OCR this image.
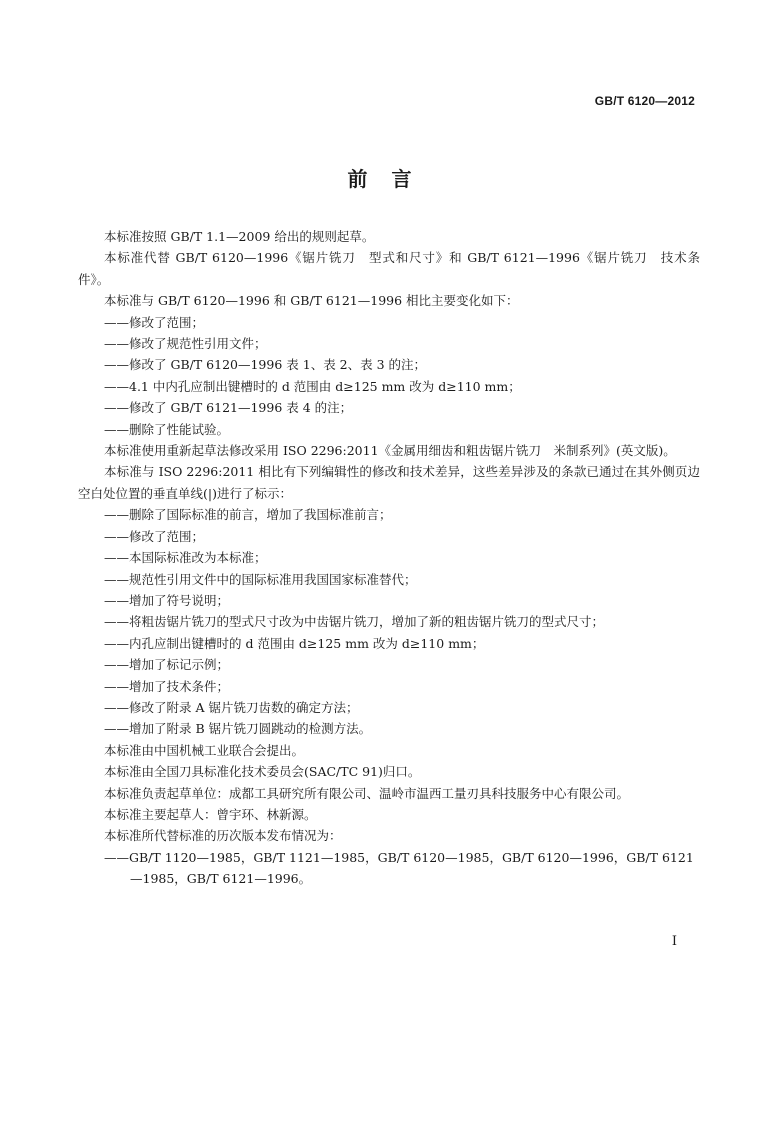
GB/T 6120—2012
前言

本标准按照 GB/T 1.1—2009 给出的规则起草。

本标准代替 GB/T 6120—1996《锯片铣刀　型式和尺寸》和 GB/T 6121—1996《锯片铣刀　技术条件》。

本标准与 GB/T 6120—1996 和 GB/T 6121—1996 相比主要变化如下：

——修改了范围；

——修改了规范性引用文件；

——修改了 GB/T 6120—1996 表 1、表 2、表 3 的注；

——4.1 中内孔应制出键槽时的 d 范围由 d≥125 mm 改为 d≥110 mm；

——修改了 GB/T 6121—1996 表 4 的注；

——删除了性能试验。

本标准使用重新起草法修改采用 ISO 2296:2011《金属用细齿和粗齿锯片铣刀　米制系列》(英文版)。

本标准与 ISO 2296:2011 相比有下列编辑性的修改和技术差异，这些差异涉及的条款已通过在其外侧页边空白处位置的垂直单线(|)进行了标示：

——删除了国际标准的前言，增加了我国标准前言；

——修改了范围；

——本国际标准改为本标准；

——规范性引用文件中的国际标准用我国国家标准替代；

——增加了符号说明；

——将粗齿锯片铣刀的型式尺寸改为中齿锯片铣刀，增加了新的粗齿锯片铣刀的型式尺寸；

——内孔应制出键槽时的 d 范围由 d≥125 mm 改为 d≥110 mm；

——增加了标记示例；

——增加了技术条件；

——修改了附录 A 锯片铣刀齿数的确定方法；

——增加了附录 B 锯片铣刀圆跳动的检测方法。

本标准由中国机械工业联合会提出。

本标准由全国刀具标准化技术委员会(SAC/TC 91)归口。

本标准负责起草单位：成都工具研究所有限公司、温岭市温西工量刃具科技服务中心有限公司。

本标准主要起草人：曾宇环、林新源。

本标准所代替标准的历次版本发布情况为：

——GB/T 1120—1985，GB/T 1121—1985，GB/T 6120—1985，GB/T 6120—1996，GB/T 6121—1985，GB/T 6121—1996。

I
